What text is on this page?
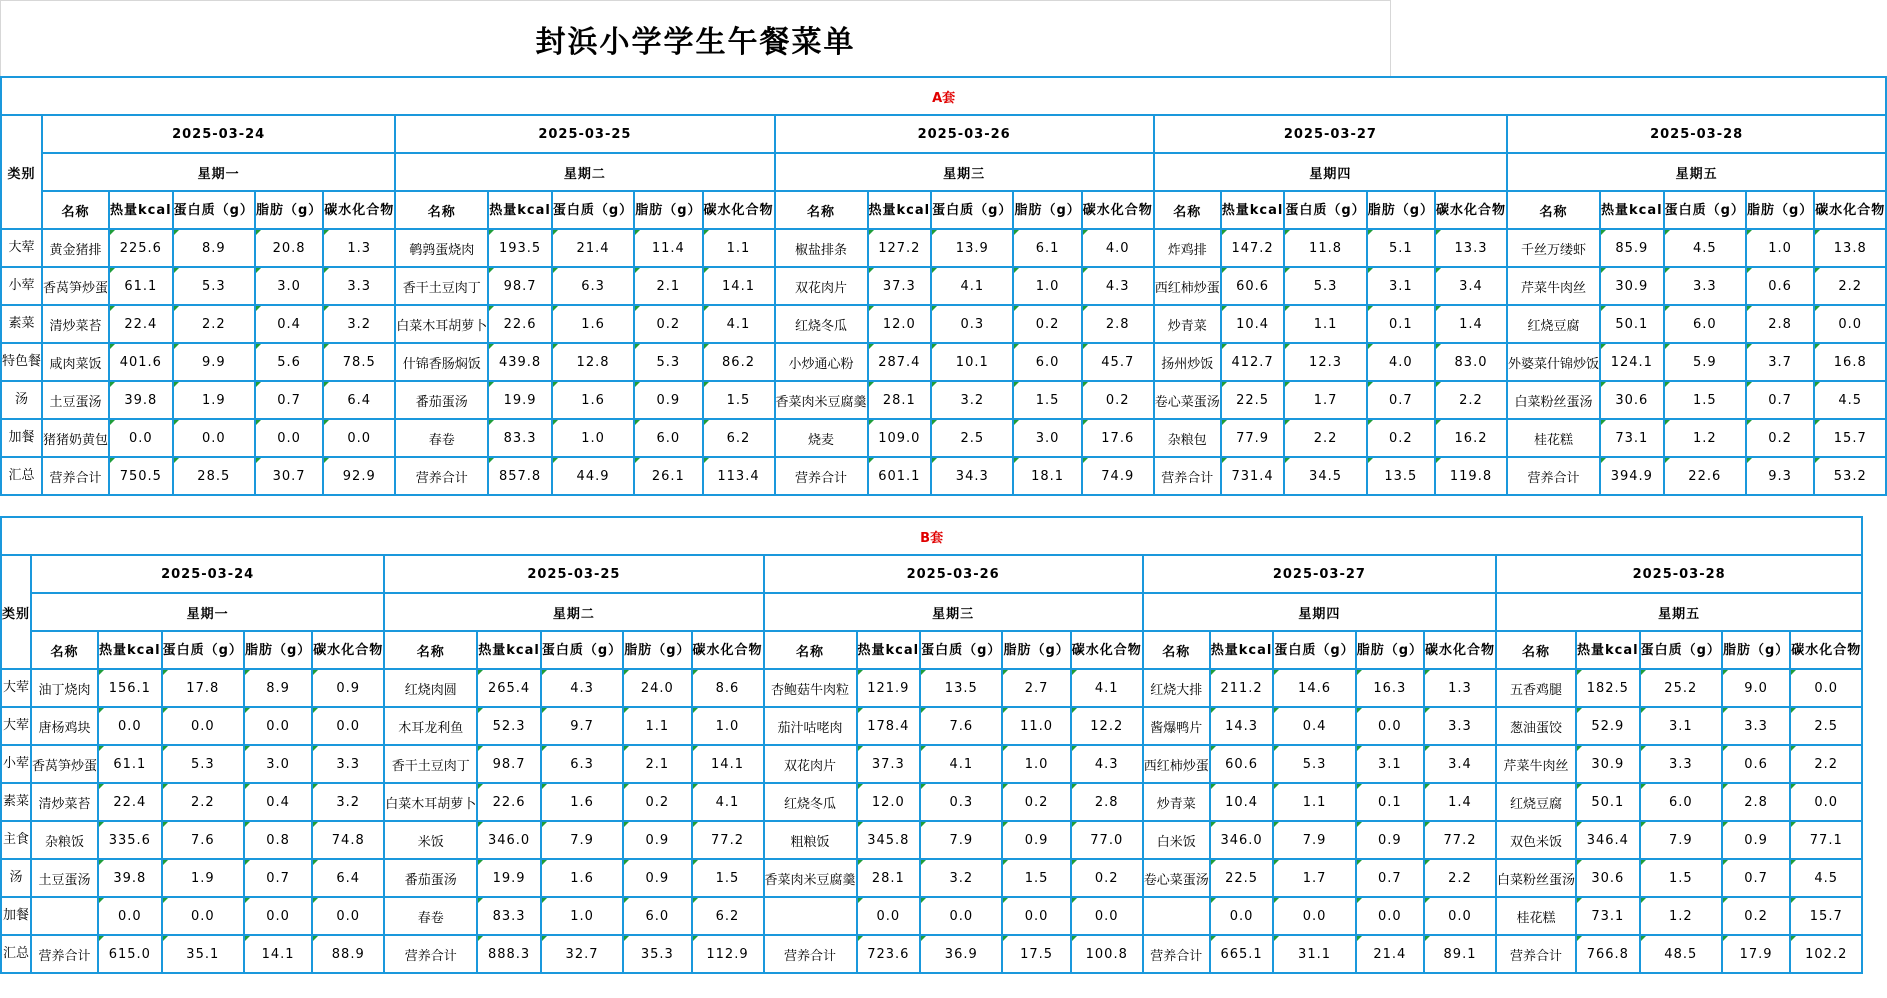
封浜小学学生午餐菜单
A套																									
类别	2025-03-24					2025-03-25					2025-03-26					2025-03-27					2025-03-28				
	星期一					星期二					星期三					星期四					星期五				
	名称	热量kcal	蛋白质（g）	脂肪（g）	碳水化合物	名称	热量kcal	蛋白质（g）	脂肪（g）	碳水化合物	名称	热量kcal	蛋白质（g）	脂肪（g）	碳水化合物	名称	热量kcal	蛋白质（g）	脂肪（g）	碳水化合物	名称	热量kcal	蛋白质（g）	脂肪（g）	碳水化合物
大荤	黄金猪排	225.6	8.9	20.8	1.3	鹌鹑蛋烧肉	193.5	21.4	11.4	1.1	椒盐排条	127.2	13.9	6.1	4.0	炸鸡排	147.2	11.8	5.1	13.3	千丝万缕虾	85.9	4.5	1.0	13.8
小荤	香莴笋炒蛋	61.1	5.3	3.0	3.3	香干土豆肉丁	98.7	6.3	2.1	14.1	双花肉片	37.3	4.1	1.0	4.3	西红柿炒蛋	60.6	5.3	3.1	3.4	芹菜牛肉丝	30.9	3.3	0.6	2.2
素菜	清炒菜苔	22.4	2.2	0.4	3.2	白菜木耳胡萝卜	22.6	1.6	0.2	4.1	红烧冬瓜	12.0	0.3	0.2	2.8	炒青菜	10.4	1.1	0.1	1.4	红烧豆腐	50.1	6.0	2.8	0.0
特色餐	咸肉菜饭	401.6	9.9	5.6	78.5	什锦香肠焖饭	439.8	12.8	5.3	86.2	小炒通心粉	287.4	10.1	6.0	45.7	扬州炒饭	412.7	12.3	4.0	83.0	外婆菜什锦炒饭	124.1	5.9	3.7	16.8
汤	土豆蛋汤	39.8	1.9	0.7	6.4	番茄蛋汤	19.9	1.6	0.9	1.5	香菜肉米豆腐羹	28.1	3.2	1.5	0.2	卷心菜蛋汤	22.5	1.7	0.7	2.2	白菜粉丝蛋汤	30.6	1.5	0.7	4.5
加餐	猪猪奶黄包	0.0	0.0	0.0	0.0	春卷	83.3	1.0	6.0	6.2	烧麦	109.0	2.5	3.0	17.6	杂粮包	77.9	2.2	0.2	16.2	桂花糕	73.1	1.2	0.2	15.7
汇总	营养合计	750.5	28.5	30.7	92.9	营养合计	857.8	44.9	26.1	113.4	营养合计	601.1	34.3	18.1	74.9	营养合计	731.4	34.5	13.5	119.8	营养合计	394.9	22.6	9.3	53.2
B套																									
类别	2025-03-24					2025-03-25					2025-03-26					2025-03-27					2025-03-28				
	星期一					星期二					星期三					星期四					星期五				
	名称	热量kcal	蛋白质（g）	脂肪（g）	碳水化合物	名称	热量kcal	蛋白质（g）	脂肪（g）	碳水化合物	名称	热量kcal	蛋白质（g）	脂肪（g）	碳水化合物	名称	热量kcal	蛋白质（g）	脂肪（g）	碳水化合物	名称	热量kcal	蛋白质（g）	脂肪（g）	碳水化合物
大荤	油丁烧肉	156.1	17.8	8.9	0.9	红烧肉圆	265.4	4.3	24.0	8.6	杏鲍菇牛肉粒	121.9	13.5	2.7	4.1	红烧大排	211.2	14.6	16.3	1.3	五香鸡腿	182.5	25.2	9.0	0.0
大荤	唐杨鸡块	0.0	0.0	0.0	0.0	木耳龙利鱼	52.3	9.7	1.1	1.0	茄汁咕咾肉	178.4	7.6	11.0	12.2	酱爆鸭片	14.3	0.4	0.0	3.3	葱油蛋饺	52.9	3.1	3.3	2.5
小荤	香莴笋炒蛋	61.1	5.3	3.0	3.3	香干土豆肉丁	98.7	6.3	2.1	14.1	双花肉片	37.3	4.1	1.0	4.3	西红柿炒蛋	60.6	5.3	3.1	3.4	芹菜牛肉丝	30.9	3.3	0.6	2.2
素菜	清炒菜苔	22.4	2.2	0.4	3.2	白菜木耳胡萝卜	22.6	1.6	0.2	4.1	红烧冬瓜	12.0	0.3	0.2	2.8	炒青菜	10.4	1.1	0.1	1.4	红烧豆腐	50.1	6.0	2.8	0.0
主食	杂粮饭	335.6	7.6	0.8	74.8	米饭	346.0	7.9	0.9	77.2	粗粮饭	345.8	7.9	0.9	77.0	白米饭	346.0	7.9	0.9	77.2	双色米饭	346.4	7.9	0.9	77.1
汤	土豆蛋汤	39.8	1.9	0.7	6.4	番茄蛋汤	19.9	1.6	0.9	1.5	香菜肉米豆腐羹	28.1	3.2	1.5	0.2	卷心菜蛋汤	22.5	1.7	0.7	2.2	白菜粉丝蛋汤	30.6	1.5	0.7	4.5
加餐		0.0	0.0	0.0	0.0	春卷	83.3	1.0	6.0	6.2		0.0	0.0	0.0	0.0		0.0	0.0	0.0	0.0	桂花糕	73.1	1.2	0.2	15.7
汇总	营养合计	615.0	35.1	14.1	88.9	营养合计	888.3	32.7	35.3	112.9	营养合计	723.6	36.9	17.5	100.8	营养合计	665.1	31.1	21.4	89.1	营养合计	766.8	48.5	17.9	102.2
